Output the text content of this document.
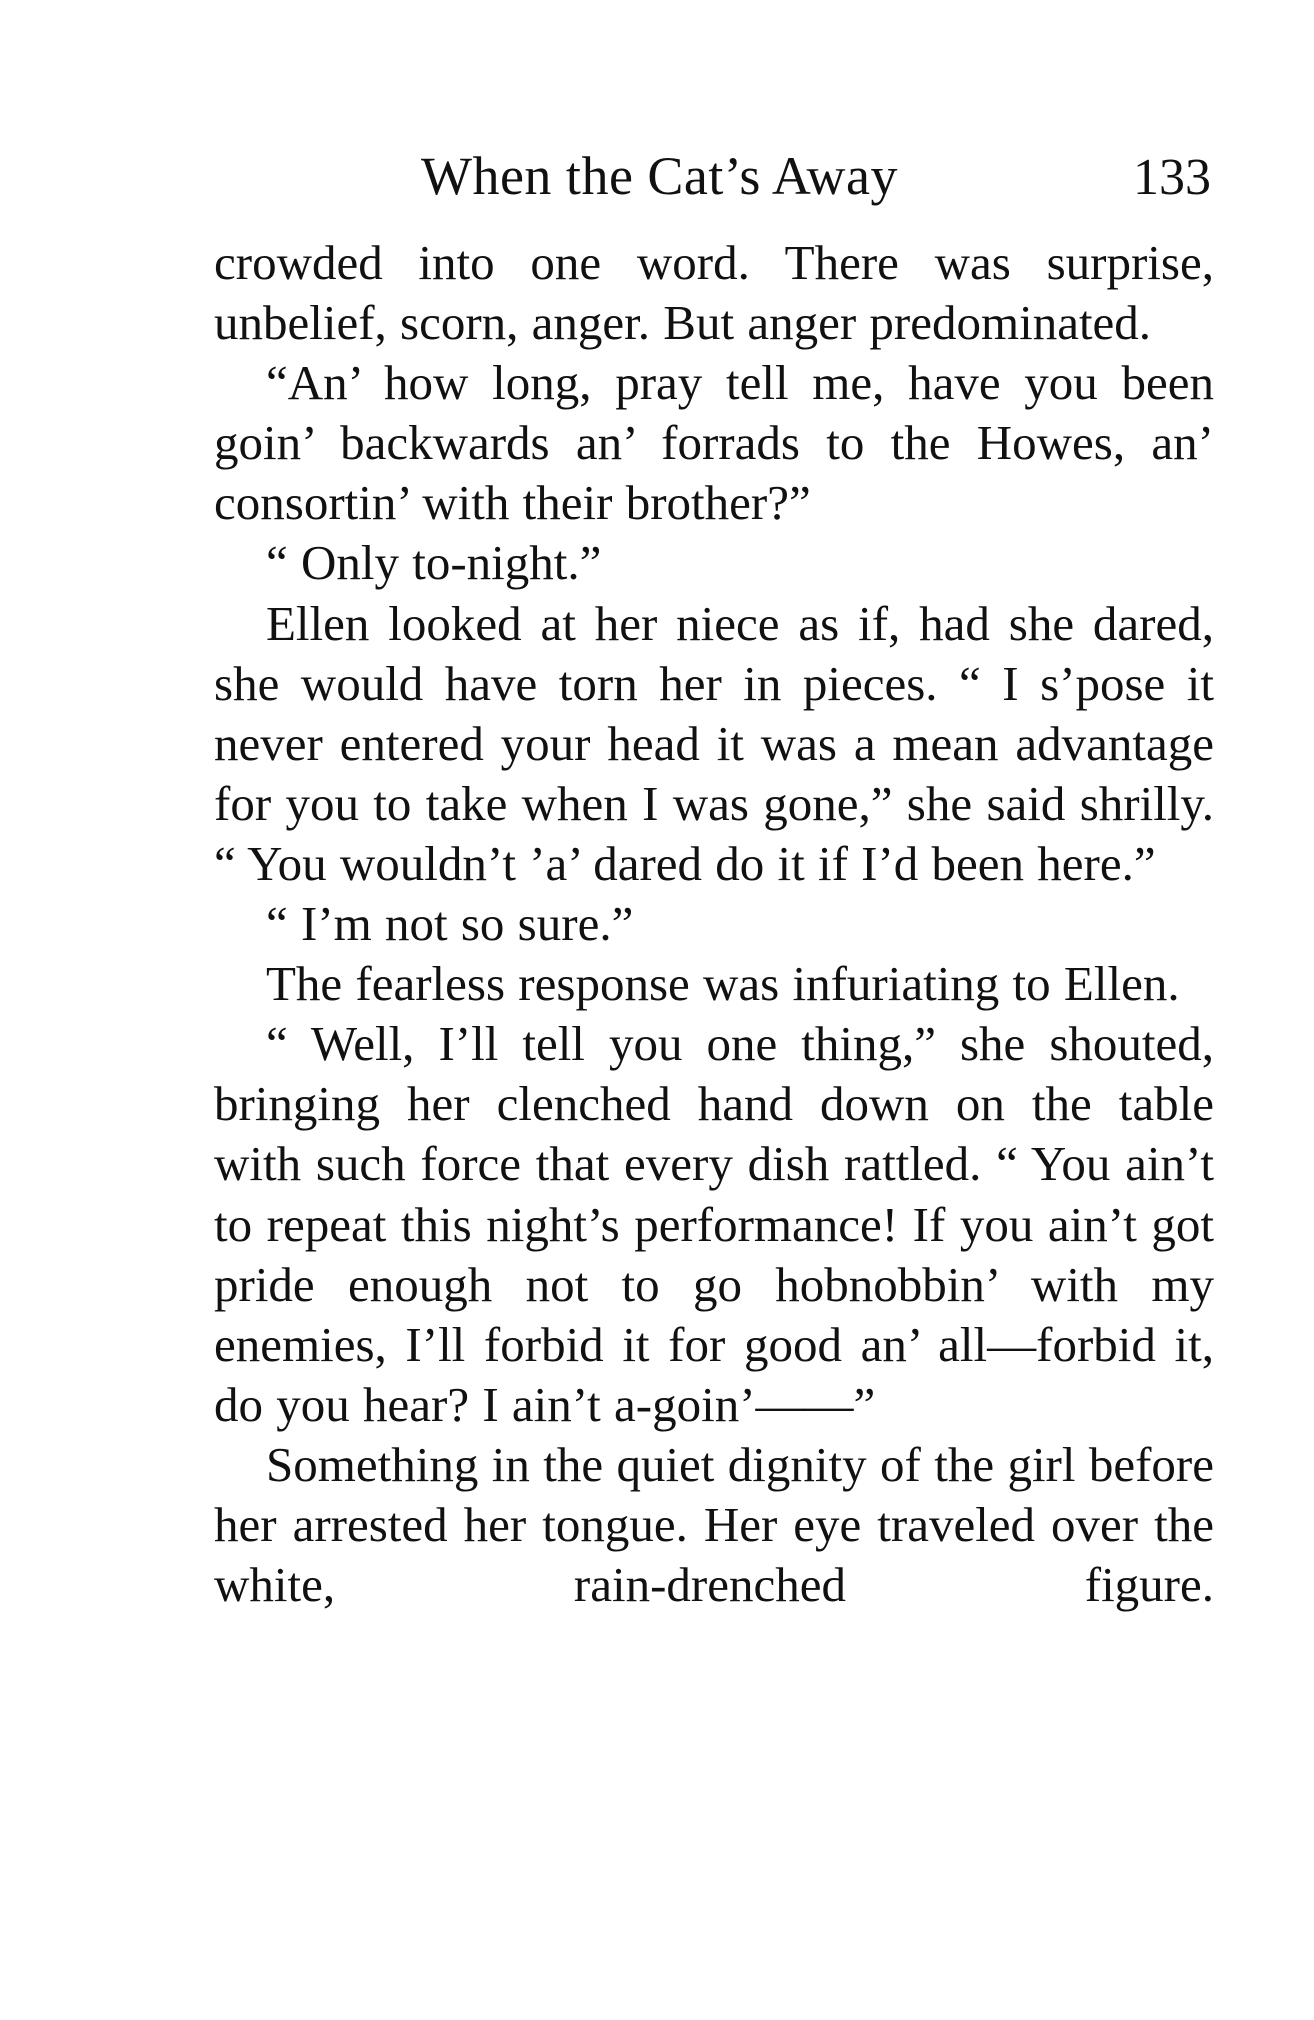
When the Cat’s Away	133

crowded into one word. There was surprise, unbelief, scorn, anger. But anger predominated.

“An’ how long, pray tell me, have you been goin’ backwards an’ forrads to the Howes, an’ consortin’ with their brother?”

“ Only to-night.”

Ellen looked at her niece as if, had she dared, she would have torn her in pieces. “ I s’pose it never entered your head it was a mean advantage for you to take when I was gone,” she said shrilly. “ You wouldn’t ’a’ dared do it if I’d been here.”

“ I’m not so sure.”

The fearless response was infuriating to Ellen.

“ Well, I’ll tell you one thing,” she shouted, bringing her clenched hand down on the table with such force that every dish rattled. “ You ain’t to repeat this night’s performance! If you ain’t got pride enough not to go hobnobbin’ with my enemies, I’ll forbid it for good an’ all—forbid it, do you hear? I ain’t a-goin’——”

Something in the quiet dignity of the girl before her arrested her tongue. Her eye traveled over the white, rain-drenched figure.
